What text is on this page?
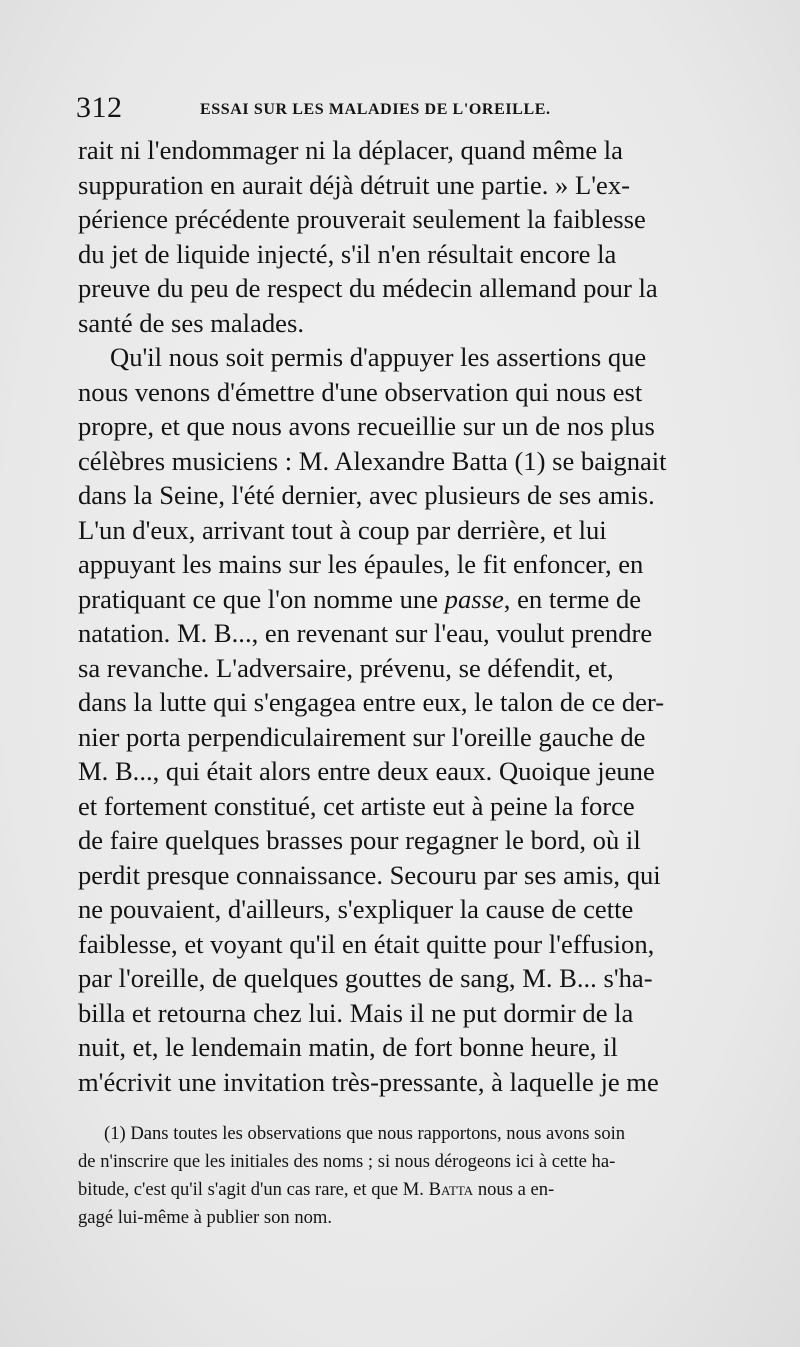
312	ESSAI SUR LES MALADIES DE L'OREILLE.

rait ni l'endommager ni la déplacer, quand même la
suppuration en aurait déjà détruit une partie. » L'ex-
périence précédente prouverait seulement la faiblesse
du jet de liquide injecté, s'il n'en résultait encore la
preuve du peu de respect du médecin allemand pour la
santé de ses malades.

Qu'il nous soit permis d'appuyer les assertions que
nous venons d'émettre d'une observation qui nous est
propre, et que nous avons recueillie sur un de nos plus
célèbres musiciens : M. Alexandre Batta (1) se baignait
dans la Seine, l'été dernier, avec plusieurs de ses amis.
L'un d'eux, arrivant tout à coup par derrière, et lui
appuyant les mains sur les épaules, le fit enfoncer, en
pratiquant ce que l'on nomme une passe, en terme de
natation. M. B..., en revenant sur l'eau, voulut prendre
sa revanche. L'adversaire, prévenu, se défendit, et,
dans la lutte qui s'engagea entre eux, le talon de ce der-
nier porta perpendiculairement sur l'oreille gauche de
M. B..., qui était alors entre deux eaux. Quoique jeune
et fortement constitué, cet artiste eut à peine la force
de faire quelques brasses pour regagner le bord, où il
perdit presque connaissance. Secouru par ses amis, qui
ne pouvaient, d'ailleurs, s'expliquer la cause de cette
faiblesse, et voyant qu'il en était quitte pour l'effusion,
par l'oreille, de quelques gouttes de sang, M. B... s'ha-
billa et retourna chez lui. Mais il ne put dormir de la
nuit, et, le lendemain matin, de fort bonne heure, il
m'écrivit une invitation très-pressante, à laquelle je me

(1) Dans toutes les observations que nous rapportons, nous avons soin
de n'inscrire que les initiales des noms ; si nous dérogeons ici à cette ha-
bitude, c'est qu'il s'agit d'un cas rare, et que M. Batta nous a en-
gagé lui-même à publier son nom.
